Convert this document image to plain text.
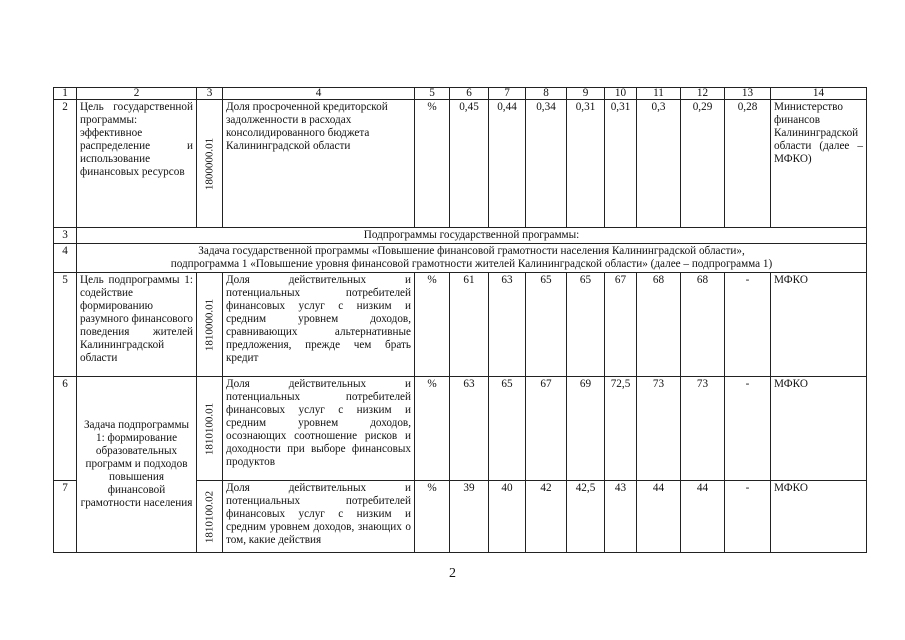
1	2	3	4	5	6	7	8	9	10	11	12	13	14
2	Цель государственной программы: эффективное распределение и использование финансовых ресурсов	1800000.01	Доля просроченной кредиторской задолженности в расходах консолидированного бюджета Калининградской области	%	0,45	0,44	0,34	0,31	0,31	0,3	0,29	0,28	Министерство финансов Калининградской области (далее – МФКО)
3	Подпрограммы государственной программы:												
4	Задача государственной программы «Повышение финансовой грамотности населения Калининградской области»,
подпрограмма 1 «Повышение уровня финансовой грамотности жителей Калининградской области» (далее – подпрограмма 1)												

5	Цель подпрограммы 1: содействие формированию разумного финансового поведения жителей Калининградской области	1810000.01	Доля действительных и потенциальных потребителей финансовых услуг с низким и средним уровнем доходов, сравнивающих альтернативные предложения, прежде чем брать кредит	%	61	63	65	65	67	68	68	-	МФКО
6	Задача подпрограммы 1: формирование образовательных программ и подходов повышения финансовой грамотности населения	1810100.01	Доля действительных и потенциальных потребителей финансовых услуг с низким и средним уровнем доходов, осознающих соотношение рисков и доходности при выборе финансовых продуктов	%	63	65	67	69	72,5	73	73	-	МФКО
7		1810100.02	Доля действительных и потенциальных потребителей финансовых услуг с низким и средним уровнем доходов, знающих о том, какие действия	%	39	40	42	42,5	43	44	44	-	МФКО
2
